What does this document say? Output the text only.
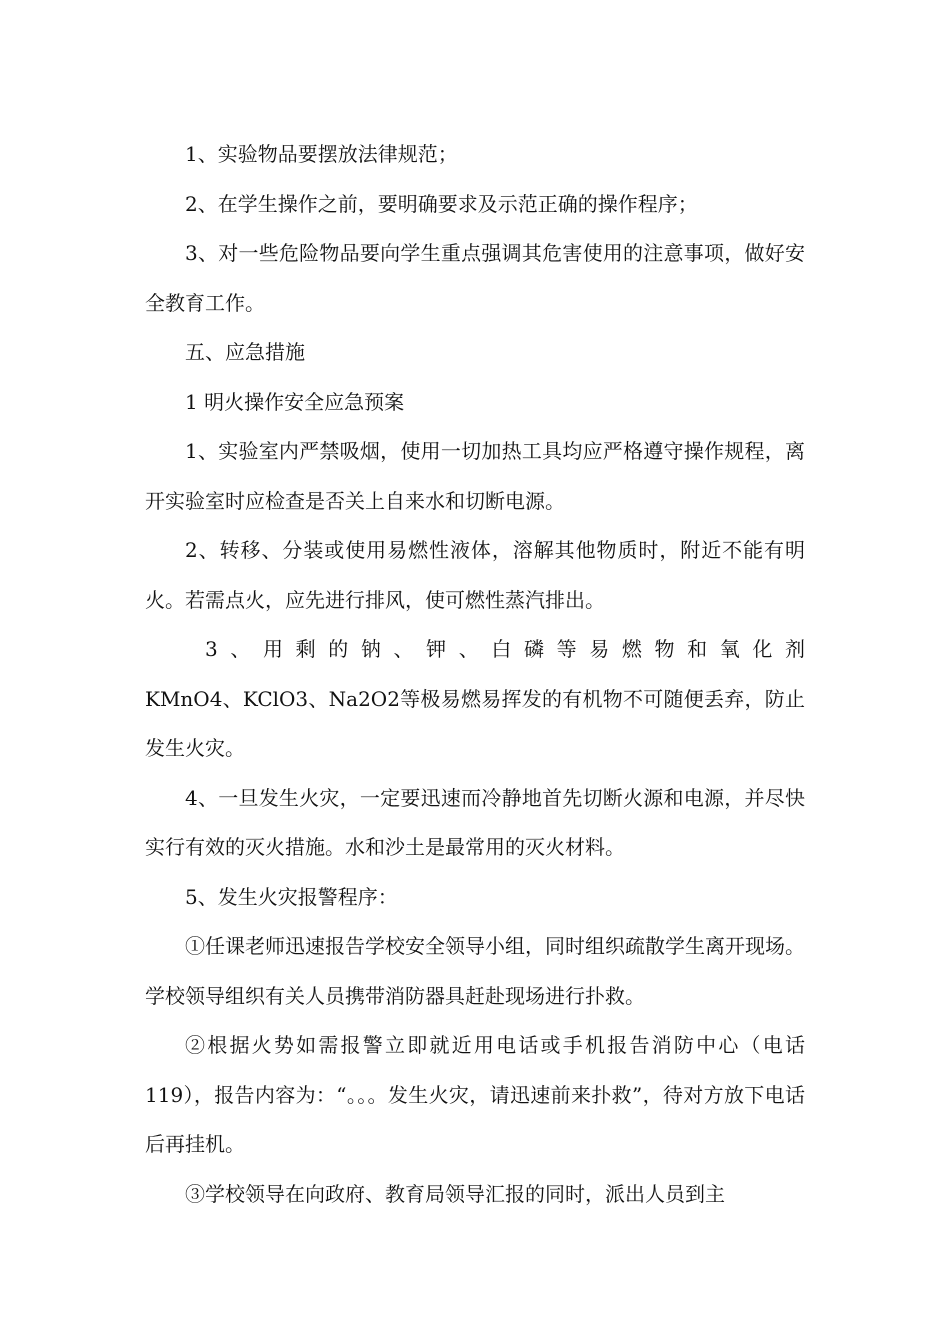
1、实验物品要摆放法律规范；

2、在学生操作之前，要明确要求及示范正确的操作程序；

3、对一些危险物品要向学生重点强调其危害使用的注意事项，做好安全教育工作。

五、应急措施

1 明火操作安全应急预案

1、实验室内严禁吸烟，使用一切加热工具均应严格遵守操作规程，离开实验室时应检查是否关上自来水和切断电源。

2、转移、分装或使用易燃性液体，溶解其他物质时，附近不能有明火。若需点火，应先进行排风，使可燃性蒸汽排出。

3、用剩的钠、钾、白磷等易燃物和氧化剂

KMnO4、KClO3、Na2O2等极易燃易挥发的有机物不可随便丢弃，防止发生火灾。

4、一旦发生火灾，一定要迅速而冷静地首先切断火源和电源，并尽快实行有效的灭火措施。水和沙土是最常用的灭火材料。

5、发生火灾报警程序：

①任课老师迅速报告学校安全领导小组，同时组织疏散学生离开现场。学校领导组织有关人员携带消防器具赶赴现场进行扑救。

②根据火势如需报警立即就近用电话或手机报告消防中心（电话119），报告内容为：“。。。发生火灾，请迅速前来扑救”，待对方放下电话后再挂机。

③学校领导在向政府、教育局领导汇报的同时，派出人员到主
